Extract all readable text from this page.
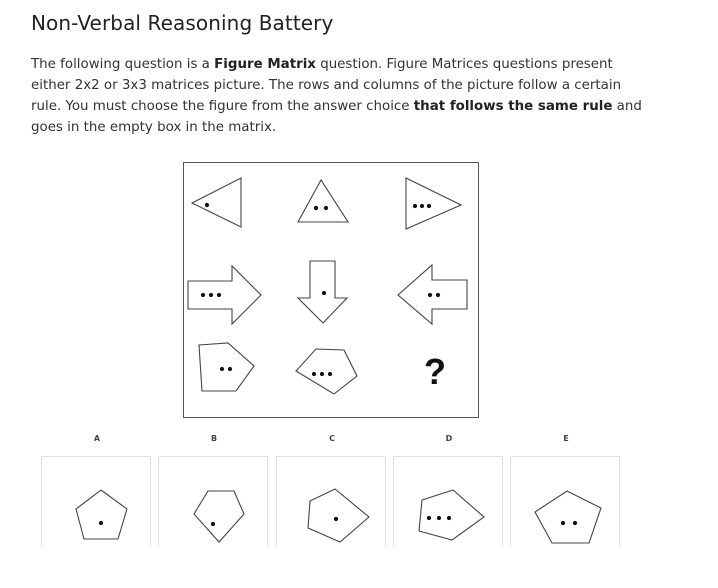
Non-Verbal Reasoning Battery

The following question is a Figure Matrix question. Figure Matrices questions present either 2x2 or 3x3 matrices picture. The rows and columns of the picture follow a certain rule. You must choose the figure from the answer choice that follows the same rule and goes in the empty box in the matrix.

?
A	B	C	D	E
